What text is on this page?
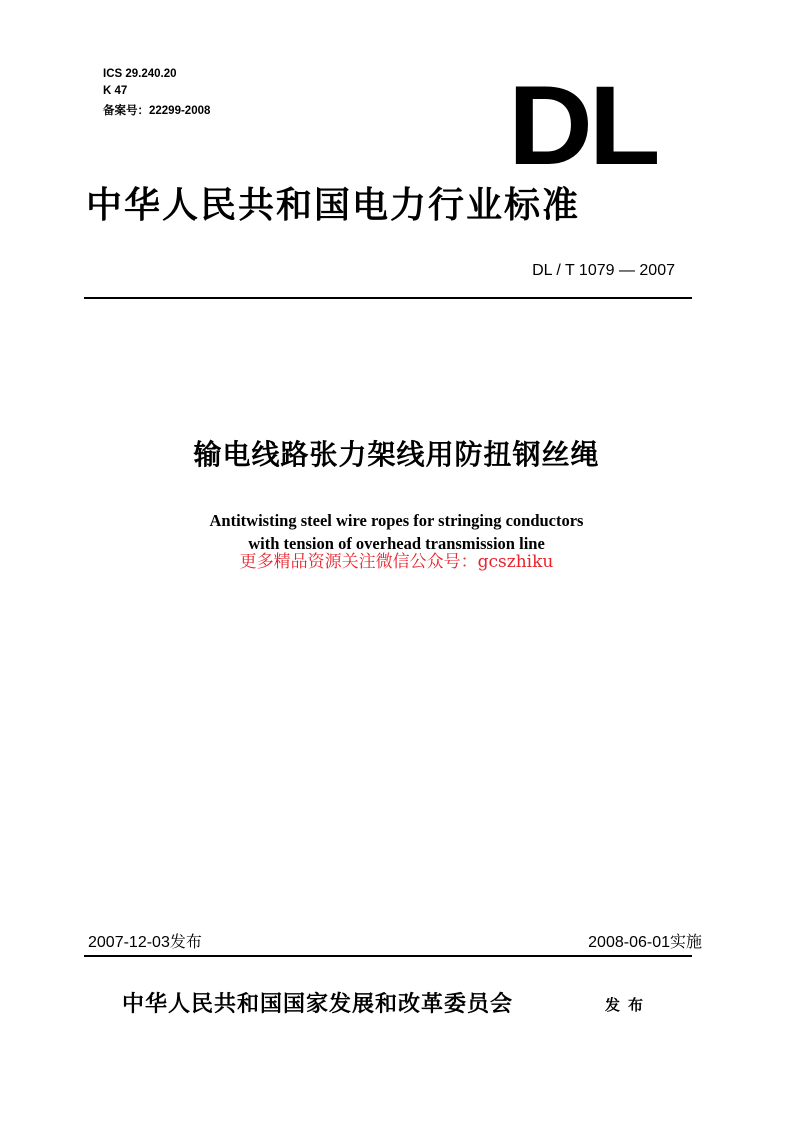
ICS 29.240.20

K 47

备案号：22299-2008	DL
中华人民共和国电力行业标准
DL / T 1079 — 2007
输电线路张力架线用防扭钢丝绳

Antitwisting steel wire ropes for stringing conductors

with tension of overhead transmission line

更多精品资源关注微信公众号：gcszhiku

2007-12-03发布	2008-06-01实施
中华人民共和国国家发展和改革委员会	发布
